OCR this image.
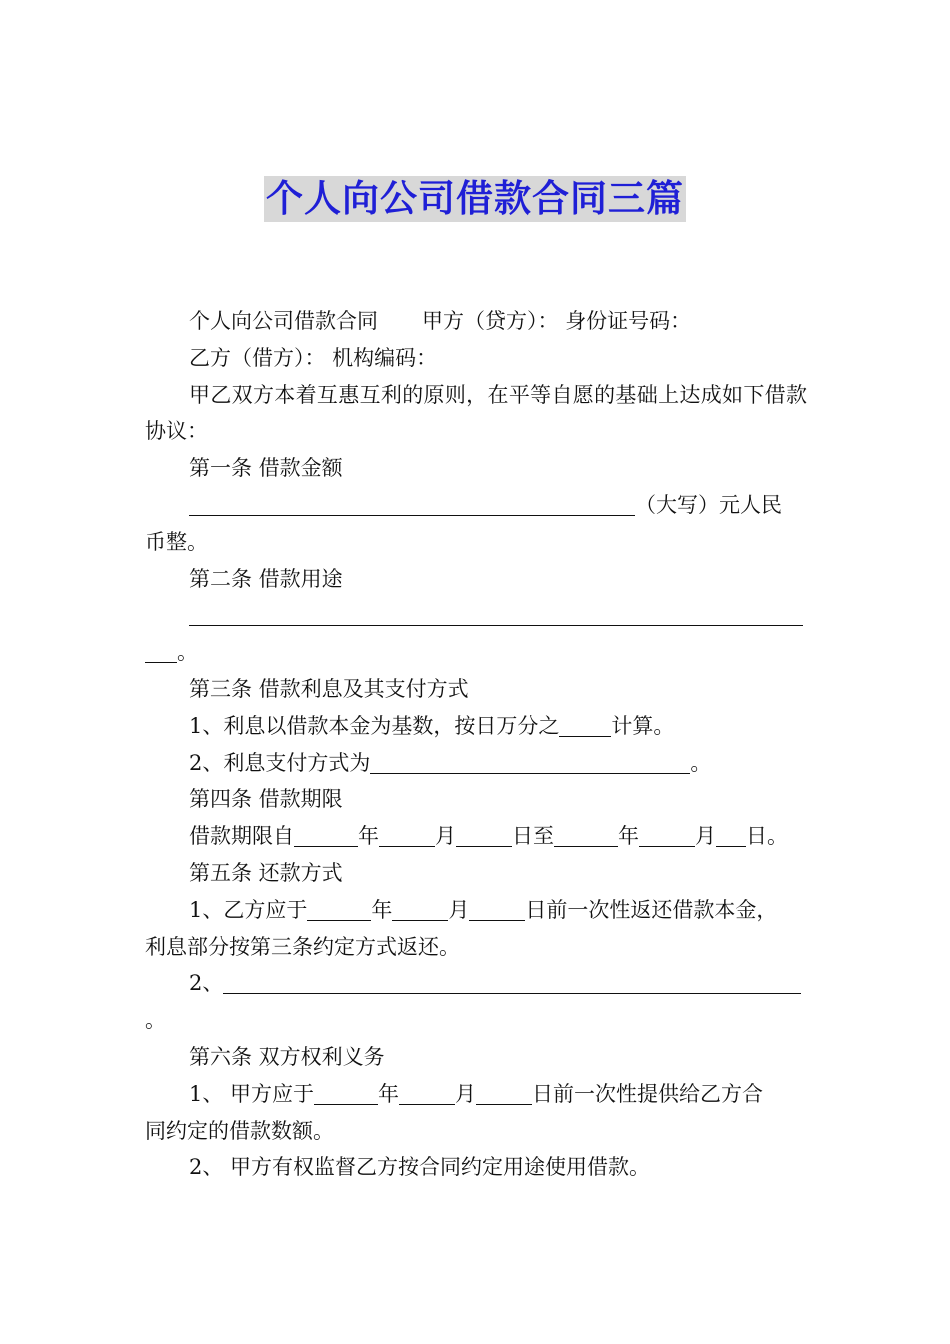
个人向公司借款合同三篇

个人向公司借款合同 甲方（贷方）： 身份证号码：

乙方（借方）： 机构编码：

甲乙双方本着互惠互利的原则，在平等自愿的基础上达成如下借款协议：

第一条 借款金额

（大写）元人民

币整。

第二条 借款用途

。

第三条 借款利息及其支付方式

1、利息以借款本金为基数，按日万分之 计算。

2、利息支付方式为	。

第四条 借款期限

借款期限自	年	月	日至	年	月 日。

第五条 还款方式

1、乙方应于	年	月	日前一次性返还借款本金，

利息部分按第三条约定方式返还。

2、

。

第六条 双方权利义务

1、 甲方应于	年	月	日前一次性提供给乙方合

同约定的借款数额。

2、 甲方有权监督乙方按合同约定用途使用借款。
